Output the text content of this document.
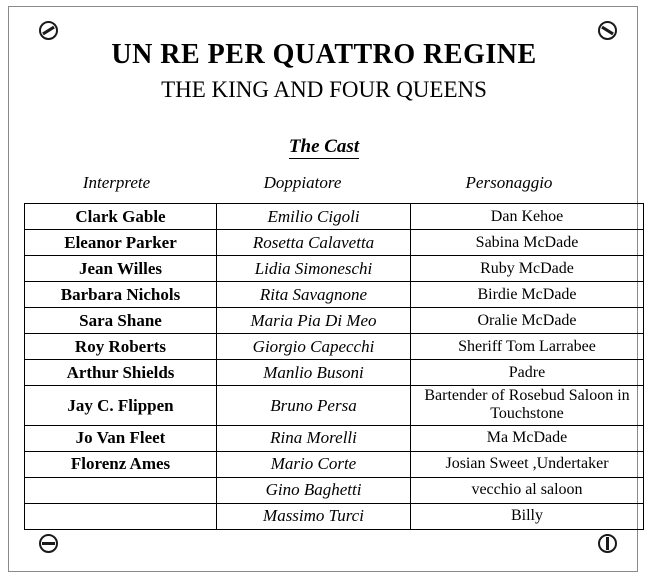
UN RE PER QUATTRO REGINE
THE KING AND FOUR QUEENS
The Cast
Interprete	Doppiatore	Personaggio
Clark Gable	Emilio Cigoli	Dan Kehoe
Eleanor Parker	Rosetta Calavetta	Sabina McDade
Jean Willes	Lidia Simoneschi	Ruby McDade
Barbara Nichols	Rita Savagnone	Birdie McDade
Sara Shane	Maria Pia Di Meo	Oralie McDade
Roy Roberts	Giorgio Capecchi	Sheriff Tom Larrabee
Arthur Shields	Manlio Busoni	Padre
Jay C. Flippen	Bruno Persa	Bartender of Rosebud Saloon in Touchstone
Jo Van Fleet	Rina Morelli	Ma McDade
Florenz Ames	Mario Corte	Josian Sweet ,Undertaker
	Gino Baghetti	vecchio al saloon
	Massimo Turci	Billy
